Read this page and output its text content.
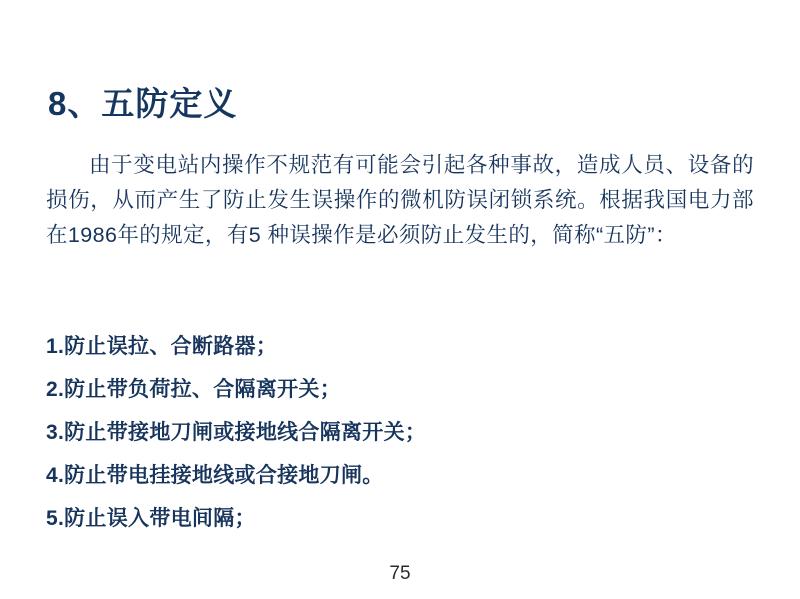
8、五防定义
由于变电站内操作不规范有可能会引起各种事故，造成人员、设备的损伤，从而产生了防止发生误操作的微机防误闭锁系统。根据我国电力部在1986年的规定，有5 种误操作是必须防止发生的，简称“五防”：
1.防止误拉、合断路器；
2.防止带负荷拉、合隔离开关；
3.防止带接地刀闸或接地线合隔离开关；
4.防止带电挂接地线或合接地刀闸。
5.防止误入带电间隔；
75
